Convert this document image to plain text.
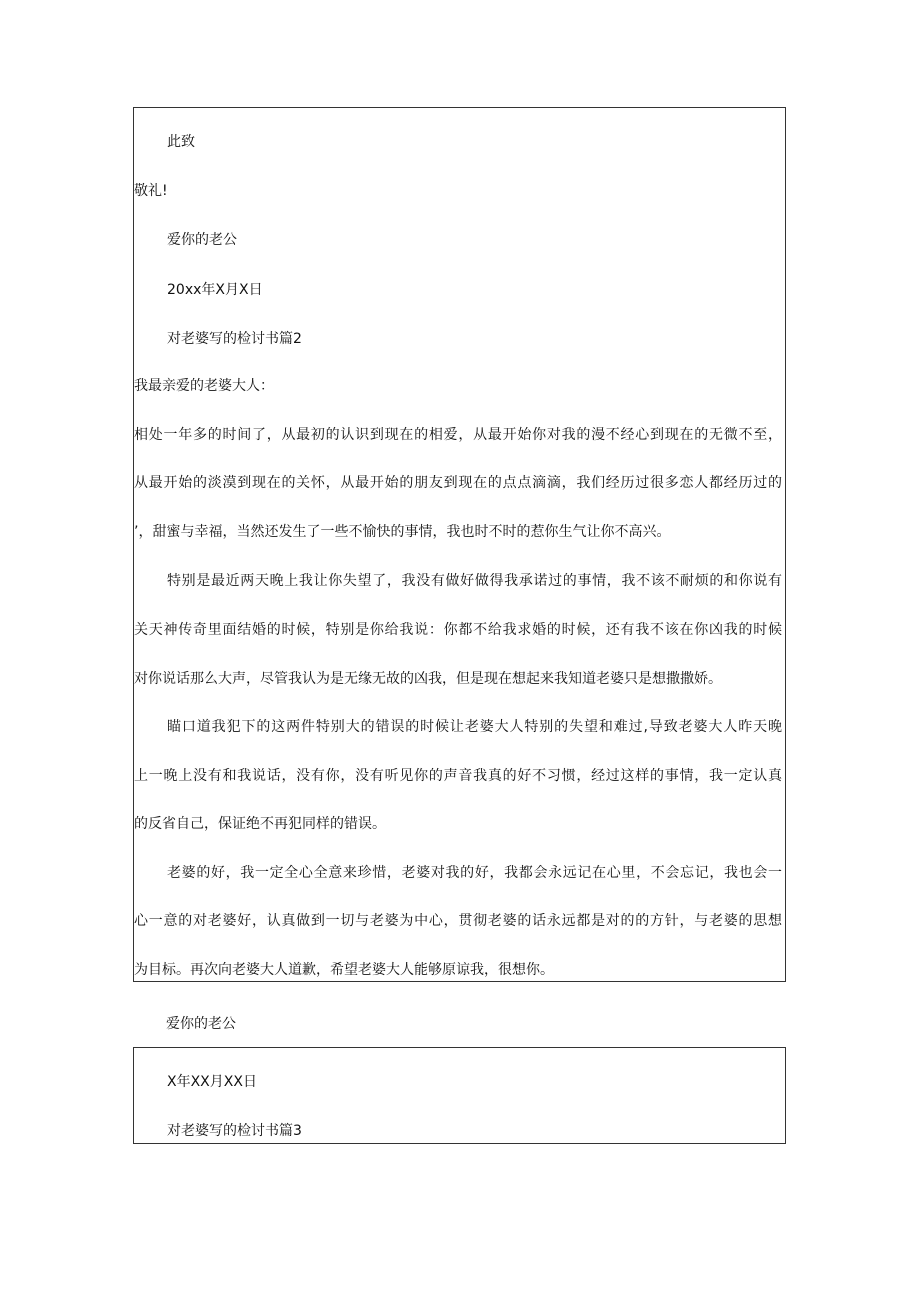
此致
敬礼!
爱你的老公
20xx年X月X日
对老婆写的检讨书篇2
我最亲爱的老婆大人：
相处一年多的时间了，从最初的认识到现在的相爱，从最开始你对我的漫不经心到现在的无微不至，
从最开始的淡漠到现在的关怀，从最开始的朋友到现在的点点滴滴，我们经历过很多恋人都经历过的
’，甜蜜与幸福，当然还发生了一些不愉快的事情，我也时不时的惹你生气让你不高兴。
特别是最近两天晚上我让你失望了，我没有做好做得我承诺过的事情，我不该不耐烦的和你说有
关天神传奇里面结婚的时候，特别是你给我说：你都不给我求婚的时候，还有我不该在你凶我的时候
对你说话那么大声，尽管我认为是无缘无故的凶我，但是现在想起来我知道老婆只是想撒撒娇。
瞄口道我犯下的这两件特别大的错误的时候让老婆大人特别的失望和难过,导致老婆大人昨天晚
上一晚上没有和我说话，没有你，没有听见你的声音我真的好不习惯，经过这样的事情，我一定认真
的反省自己，保证绝不再犯同样的错误。
老婆的好，我一定全心全意来珍惜，老婆对我的好，我都会永远记在心里，不会忘记，我也会一
心一意的对老婆好，认真做到一切与老婆为中心，贯彻老婆的话永远都是对的的方针，与老婆的思想
为目标。再次向老婆大人道歉，希望老婆大人能够原谅我，很想你。
爱你的老公
X年XX月XX日
对老婆写的检讨书篇3
